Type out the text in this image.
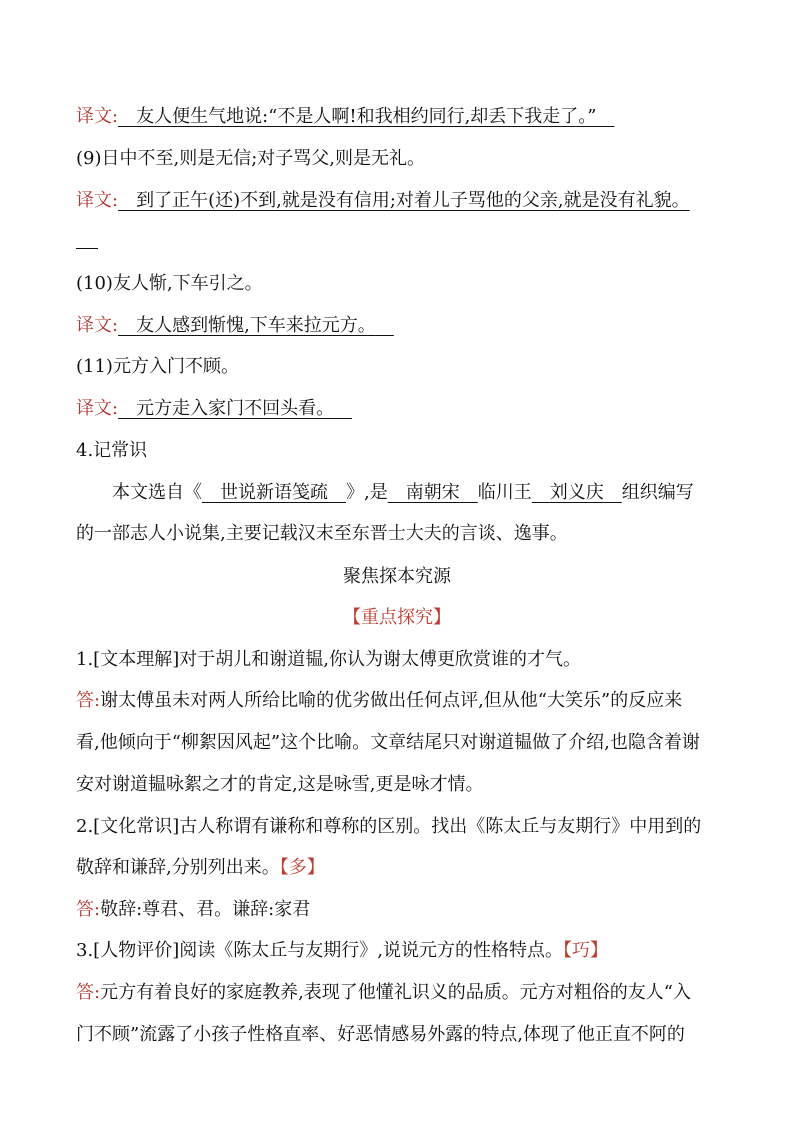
译文:  友人便生气地说:“不是人啊!和我相约同行,却丢下我走了。” 
(9)日中不至,则是无信;对子骂父,则是无礼。
译文:  到了正午(还)不到,就是没有信用;对着儿子骂他的父亲,就是没有礼貌。
(10)友人惭,下车引之。
译文:  友人感到惭愧,下车来拉元方。 
(11)元方入门不顾。
译文:  元方走入家门不回头看。 
4.记常识
本文选自《  世说新语笺疏  》,是  南朝宋  临川王  刘义庆  组织编写
的一部志人小说集,主要记载汉末至东晋士大夫的言谈、逸事。
聚焦探本究源
【重点探究】
1.[文本理解]对于胡儿和谢道韫,你认为谢太傅更欣赏谁的才气。
答:谢太傅虽未对两人所给比喻的优劣做出任何点评,但从他“大笑乐”的反应来
看,他倾向于“柳絮因风起”这个比喻。文章结尾只对谢道韫做了介绍,也隐含着谢
安对谢道韫咏絮之才的肯定,这是咏雪,更是咏才情。
2.[文化常识]古人称谓有谦称和尊称的区别。找出《陈太丘与友期行》中用到的
敬辞和谦辞,分别列出来。【多】
答:敬辞:尊君、君。谦辞:家君
3.[人物评价]阅读《陈太丘与友期行》,说说元方的性格特点。【巧】
答:元方有着良好的家庭教养,表现了他懂礼识义的品质。元方对粗俗的友人“入
门不顾”流露了小孩子性格直率、好恶情感易外露的特点,体现了他正直不阿的
